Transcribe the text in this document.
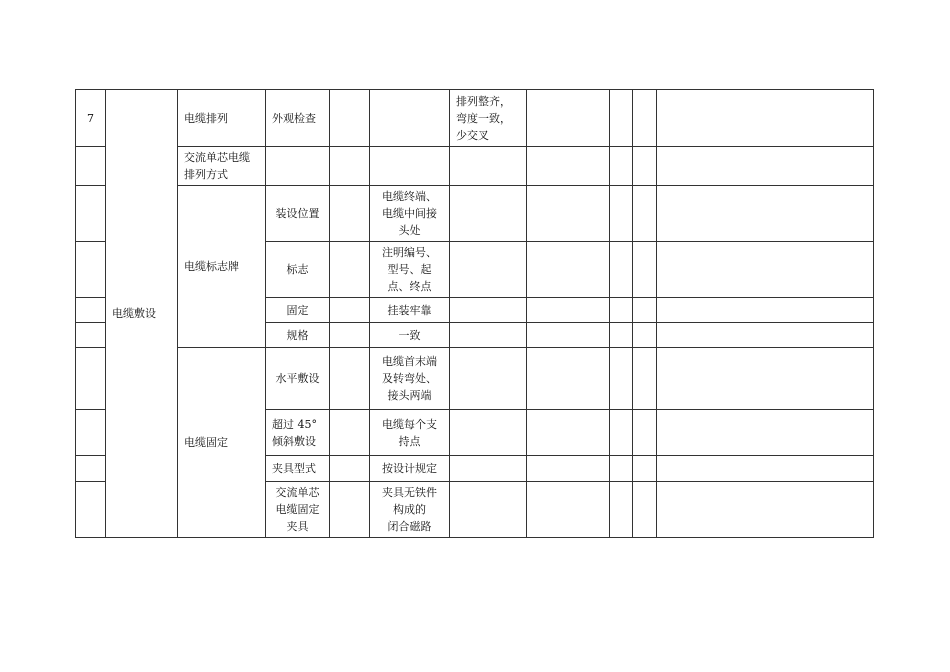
7	电缆敷设	电缆排列	外观检查			排列整齐，
弯度一致，
少交叉				
		交流单芯电缆
排列方式								
		电缆标志牌	装设位置		电缆终端、
电缆中间接
头处					
			标志		注明编号、
型号、起
点、终点					
			固定		挂装牢靠					
			规格		一致					
		电缆固定	水平敷设		电缆首末端
及转弯处、
接头两端					
			超过 45°
倾斜敷设		电缆每个支
持点					
			夹具型式		按设计规定					
			交流单芯
电缆固定
夹具		夹具无铁件
构成的
闭合磁路					
